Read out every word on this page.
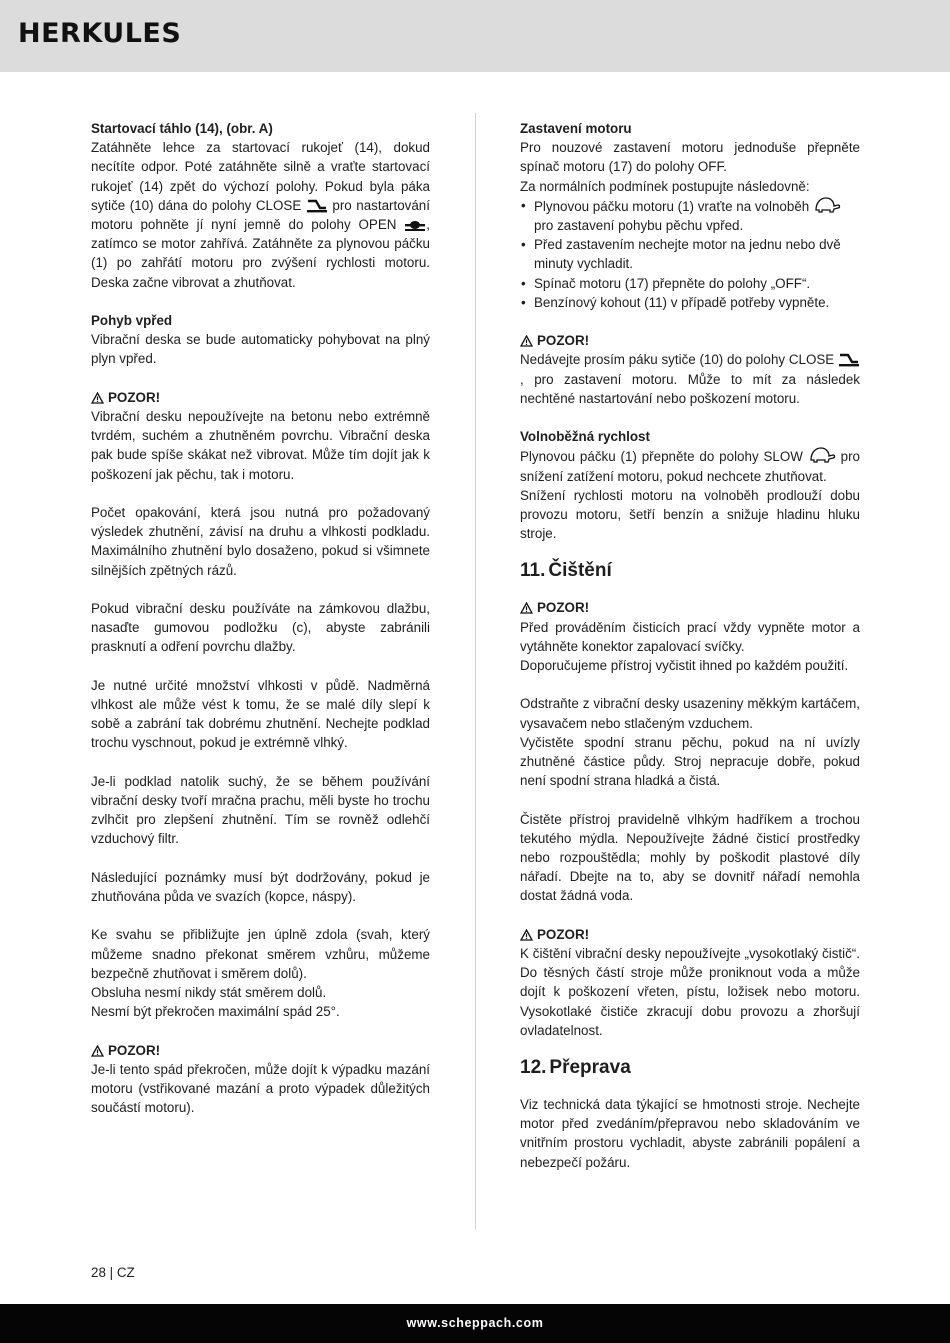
HERKULES

Startovací táhlo (14), (obr. A)
Zatáhněte lehce za startovací rukojeť (14), dokud necítíte odpor. Poté zatáhněte silně a vraťte startovací rukojeť (14) zpět do výchozí polohy. Pokud byla páka sytiče (10) dána do polohy CLOSE pro nastartování motoru pohněte jí nyní jemně do polohy OPEN , zatímco se motor zahřívá. Zatáhněte za plynovou páčku (1) po zahřátí motoru pro zvýšení rychlosti motoru. Deska začne vibrovat a zhutňovat.

Pohyb vpřed
Vibrační deska se bude automaticky pohybovat na plný plyn vpřed.

POZOR!
Vibrační desku nepoužívejte na betonu nebo extrémně tvrdém, suchém a zhutněném povrchu. Vibrační deska pak bude spíše skákat než vibrovat. Může tím dojít jak k poškození jak pěchu, tak i motoru.

Počet opakování, která jsou nutná pro požadovaný výsledek zhutnění, závisí na druhu a vlhkosti podkladu. Maximálního zhutnění bylo dosaženo, pokud si všimnete silnějších zpětných rázů.

Pokud vibrační desku používáte na zámkovou dlažbu, nasaďte gumovou podložku (c), abyste zabránili prasknutí a odření povrchu dlažby.

Je nutné určité množství vlhkosti v půdě. Nadměrná vlhkost ale může vést k tomu, že se malé díly slepí k sobě a zabrání tak dobrému zhutnění. Nechejte podklad trochu vyschnout, pokud je extrémně vlhký.

Je-li podklad natolik suchý, že se během používání vibrační desky tvoří mračna prachu, měli byste ho trochu zvlhčit pro zlepšení zhutnění. Tím se rovněž odlehčí vzduchový filtr.

Následující poznámky musí být dodržovány, pokud je zhutňována půda ve svazích (kopce, náspy).

Ke svahu se přibližujte jen úplně zdola (svah, který můžeme snadno překonat směrem vzhůru, můžeme bezpečně zhutňovat i směrem dolů).

Obsluha nesmí nikdy stát směrem dolů.

Nesmí být překročen maximální spád 25°.

POZOR!
Je-li tento spád překročen, může dojít k výpadku mazání motoru (vstřikované mazání a proto výpadek důležitých součástí motoru).

Zastavení motoru
Pro nouzové zastavení motoru jednoduše přepněte spínač motoru (17) do polohy OFF.
Za normálních podmínek postupujte následovně:

• Plynovou páčku motoru (1) vraťte na volnoběh
pro zastavení pohybu pěchu vpřed.
• Před zastavením nechejte motor na jednu nebo dvě minuty vychladit.
• Spínač motoru (17) přepněte do polohy „OFF“.
• Benzínový kohout (11) v případě potřeby vypněte.

POZOR!
Nedávejte prosím páku sytiče (10) do polohy CLOSE , pro zastavení motoru. Může to mít za následek nechtěné nastartování nebo poškození motoru.

Volnoběžná rychlost
Plynovou páčku (1) přepněte do polohy SLOW	pro snížení zatížení motoru, pokud nechcete zhutňovat.
Snížení rychlosti motoru na volnoběh prodlouží dobu provozu motoru, šetří benzín a snižuje hladinu hluku stroje.

11. Čištění

POZOR!
Před prováděním čisticích prací vždy vypněte motor a vytáhněte konektor zapalovací svíčky.
Doporučujeme přístroj vyčistit ihned po každém použití.

Odstraňte z vibrační desky usazeniny měkkým kartáčem, vysavačem nebo stlačeným vzduchem.
Vyčistěte spodní stranu pěchu, pokud na ní uvízly zhutněné částice půdy. Stroj nepracuje dobře, pokud není spodní strana hladká a čistá.

Čistěte přístroj pravidelně vlhkým hadříkem a trochou tekutého mýdla. Nepoužívejte žádné čisticí prostředky nebo rozpouštědla; mohly by poškodit plastové díly nářadí. Dbejte na to, aby se dovnitř nářadí nemohla dostat žádná voda.

POZOR!
K čištění vibrační desky nepoužívejte „vysokotlaký čistič“. Do těsných částí stroje může proniknout voda a může dojít k poškození vřeten, pístu, ložisek nebo motoru. Vysokotlaké čističe zkracují dobu provozu a zhoršují ovladatelnost.

12. Přeprava

Viz technická data týkající se hmotnosti stroje. Nechejte motor před zvedáním/přepravou nebo skladováním ve vnitřním prostoru vychladit, abyste zabránili popálení a nebezpečí požáru.

28 | CZ
www.scheppach.com
